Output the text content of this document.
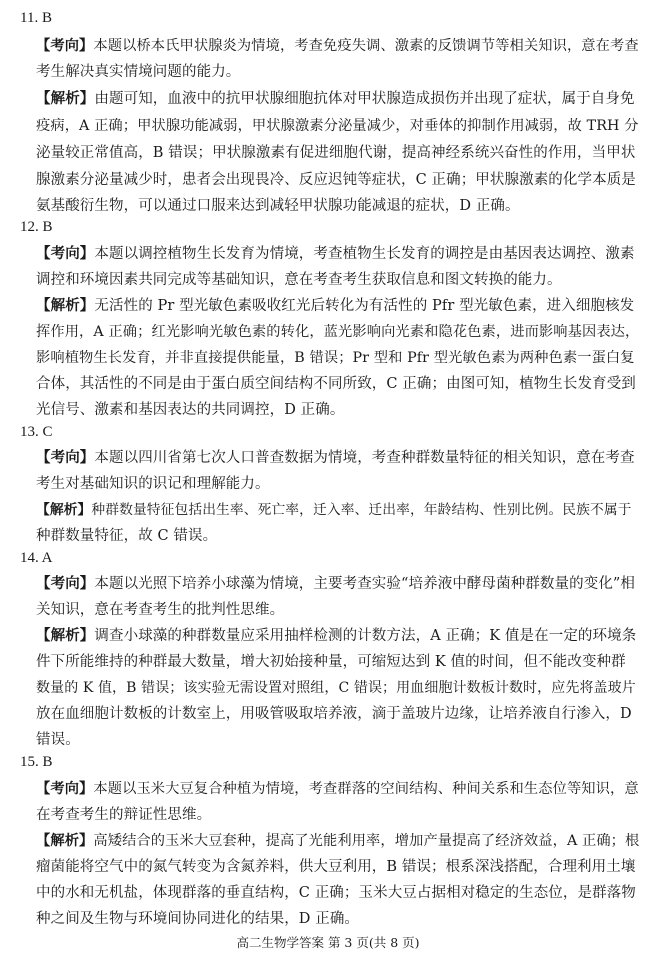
11. B
【考向】本题以桥本氏甲状腺炎为情境，考查免疫失调、激素的反馈调节等相关知识，意在考查
考生解决真实情境问题的能力。
【解析】由题可知，血液中的抗甲状腺细胞抗体对甲状腺造成损伤并出现了症状，属于自身免
疫病，A 正确；甲状腺功能减弱，甲状腺激素分泌量减少，对垂体的抑制作用减弱，故 TRH 分
泌量较正常值高，B 错误；甲状腺激素有促进细胞代谢，提高神经系统兴奋性的作用，当甲状
腺激素分泌量减少时，患者会出现畏冷、反应迟钝等症状，C 正确；甲状腺激素的化学本质是
氨基酸衍生物，可以通过口服来达到减轻甲状腺功能减退的症状，D 正确。
12. B
【考向】本题以调控植物生长发育为情境，考查植物生长发育的调控是由基因表达调控、激素
调控和环境因素共同完成等基础知识，意在考查考生获取信息和图文转换的能力。
【解析】无活性的 Pr 型光敏色素吸收红光后转化为有活性的 Pfr 型光敏色素，进入细胞核发
挥作用，A 正确；红光影响光敏色素的转化，蓝光影响向光素和隐花色素，进而影响基因表达，
影响植物生长发育，并非直接提供能量，B 错误；Pr 型和 Pfr 型光敏色素为两种色素一蛋白复
合体，其活性的不同是由于蛋白质空间结构不同所致，C 正确；由图可知，植物生长发育受到
光信号、激素和基因表达的共同调控，D 正确。
13. C
【考向】本题以四川省第七次人口普查数据为情境，考查种群数量特征的相关知识，意在考查
考生对基础知识的识记和理解能力。
【解析】种群数量特征包括出生率、死亡率，迁入率、迁出率，年龄结构、性别比例。民族不属于
种群数量特征，故 C 错误。
14. A
【考向】本题以光照下培养小球藻为情境，主要考查实验“培养液中酵母菌种群数量的变化”相
关知识，意在考查考生的批判性思维。
【解析】调查小球藻的种群数量应采用抽样检测的计数方法，A 正确；K 值是在一定的环境条
件下所能维持的种群最大数量，增大初始接种量，可缩短达到 K 值的时间，但不能改变种群
数量的 K 值，B 错误；该实验无需设置对照组，C 错误；用血细胞计数板计数时，应先将盖玻片
放在血细胞计数板的计数室上，用吸管吸取培养液，滴于盖玻片边缘，让培养液自行渗入，D
错误。
15. B
【考向】本题以玉米大豆复合种植为情境，考查群落的空间结构、种间关系和生态位等知识，意
在考查考生的辩证性思维。
【解析】高矮结合的玉米大豆套种，提高了光能利用率，增加产量提高了经济效益，A 正确；根
瘤菌能将空气中的氮气转变为含氮养料，供大豆利用，B 错误；根系深浅搭配，合理利用土壤
中的水和无机盐，体现群落的垂直结构，C 正确；玉米大豆占据相对稳定的生态位，是群落物
种之间及生物与环境间协同进化的结果，D 正确。
高二生物学答案 第 3 页(共 8 页)
